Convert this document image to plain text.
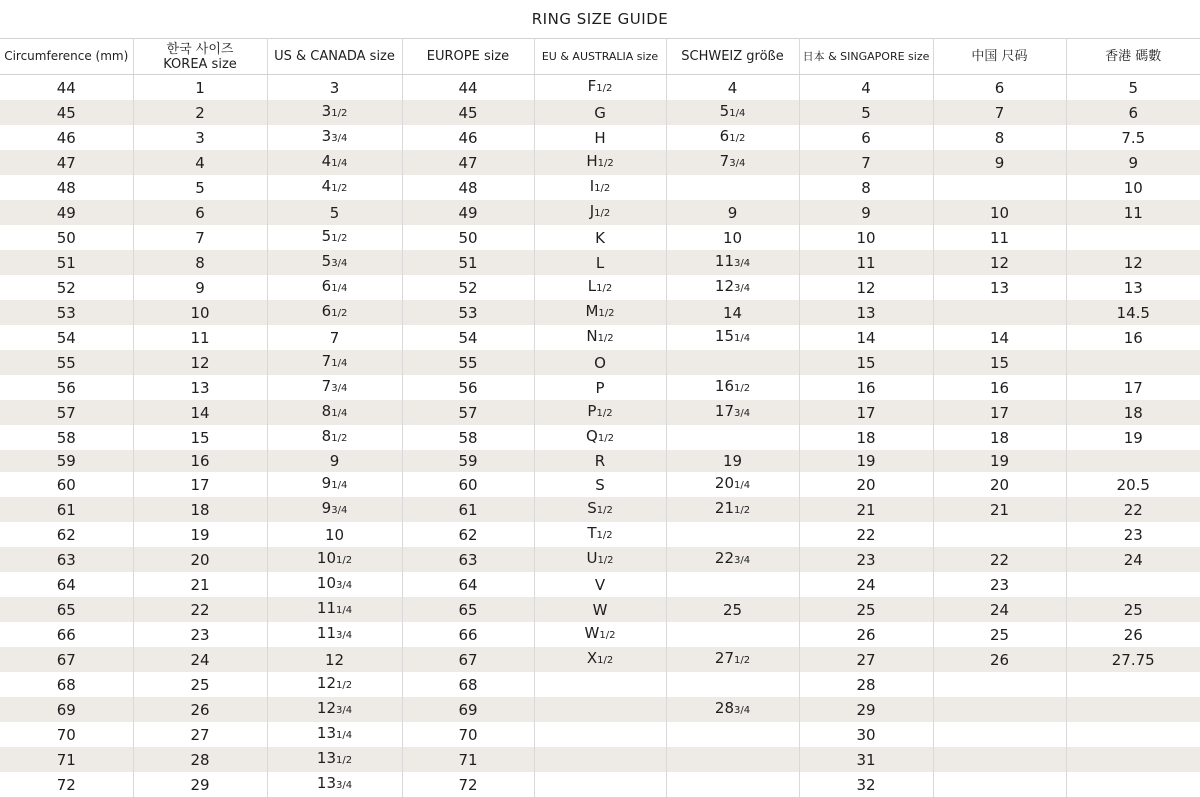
RING SIZE GUIDE
Circumference (mm)	한국 사이즈
KOREA size	US & CANADA size	EUROPE size	EU & AUSTRALIA size	SCHWEIZ größe	日本 & SINGAPORE size	中国 尺码	香港 碼數
44	1	3	44	F1/2	4	4	6	5
45	2	31/2	45	G	51/4	5	7	6
46	3	33/4	46	H	61/2	6	8	7.5
47	4	41/4	47	H1/2	73/4	7	9	9
48	5	41/2	48	I1/2		8		10
49	6	5	49	J1/2	9	9	10	11
50	7	51/2	50	K	10	10	11	
51	8	53/4	51	L	113/4	11	12	12
52	9	61/4	52	L1/2	123/4	12	13	13
53	10	61/2	53	M1/2	14	13		14.5
54	11	7	54	N1/2	151/4	14	14	16
55	12	71/4	55	O		15	15	
56	13	73/4	56	P	161/2	16	16	17
57	14	81/4	57	P1/2	173/4	17	17	18
58	15	81/2	58	Q1/2		18	18	19
59	16	9	59	R	19	19	19	
60	17	91/4	60	S	201/4	20	20	20.5
61	18	93/4	61	S1/2	211/2	21	21	22
62	19	10	62	T1/2		22		23
63	20	101/2	63	U1/2	223/4	23	22	24
64	21	103/4	64	V		24	23	
65	22	111/4	65	W	25	25	24	25
66	23	113/4	66	W1/2		26	25	26
67	24	12	67	X1/2	271/2	27	26	27.75
68	25	121/2	68			28		
69	26	123/4	69		283/4	29		
70	27	131/4	70			30		
71	28	131/2	71			31		
72	29	133/4	72			32		
